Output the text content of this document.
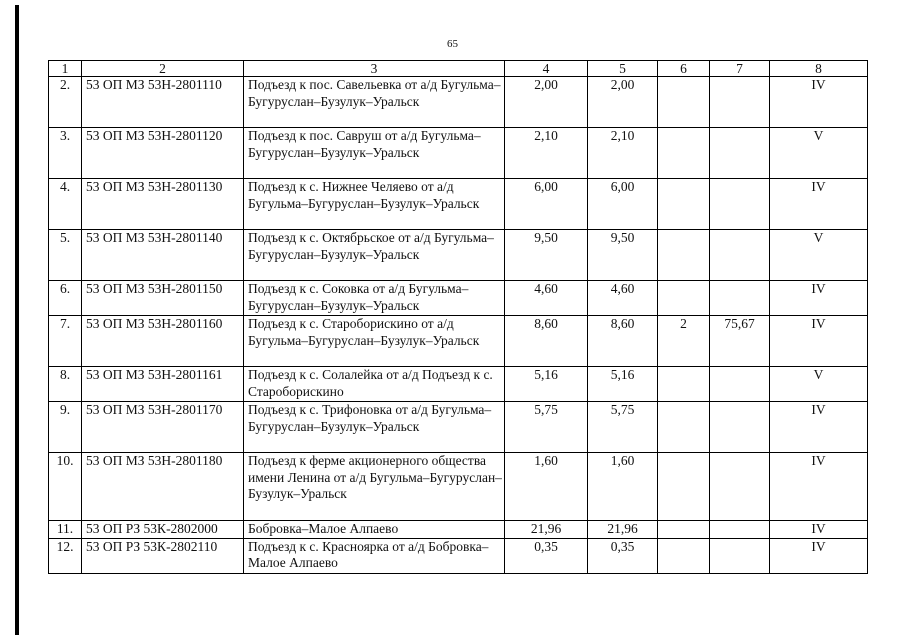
65
1	2	3	4	5	6	7	8
2.	53 ОП МЗ 53Н-2801110	Подъезд к пос. Савельевка от а/д Бугульма–Бугуруслан–Бузулук–Уральск	2,00	2,00			IV
3.	53 ОП МЗ 53Н-2801120	Подъезд к пос. Савруш от а/д Бугульма–Бугуруслан–Бузулук–Уральск	2,10	2,10			V
4.	53 ОП МЗ 53Н-2801130	Подъезд к с. Нижнее Челяево от а/д Бугульма–Бугуруслан–Бузулук–Уральск	6,00	6,00			IV
5.	53 ОП МЗ 53Н-2801140	Подъезд к с. Октябрьское от а/д Бугульма–Бугуруслан–Бузулук–Уральск	9,50	9,50			V
6.	53 ОП МЗ 53Н-2801150	Подъезд к с. Соковка от а/д Бугульма–Бугуруслан–Бузулук–Уральск	4,60	4,60			IV
7.	53 ОП МЗ 53Н-2801160	Подъезд к с. Староборискино от а/д Бугульма–Бугуруслан–Бузулук–Уральск	8,60	8,60	2	75,67	IV
8.	53 ОП МЗ 53Н-2801161	Подъезд к с. Солалейка от а/д Подъезд к с. Староборискино	5,16	5,16			V
9.	53 ОП МЗ 53Н-2801170	Подъезд к с. Трифоновка от а/д Бугульма–Бугуруслан–Бузулук–Уральск	5,75	5,75			IV
10.	53 ОП МЗ 53Н-2801180	Подъезд к ферме акционерного общества имени Ленина от а/д Бугульма–Бугуруслан–Бузулук–Уральск	1,60	1,60			IV
11.	53 ОП РЗ 53К-2802000	Бобровка–Малое Алпаево	21,96	21,96			IV
12.	53 ОП РЗ 53К-2802110	Подъезд к с. Красноярка от а/д Бобровка–Малое Алпаево	0,35	0,35			IV
